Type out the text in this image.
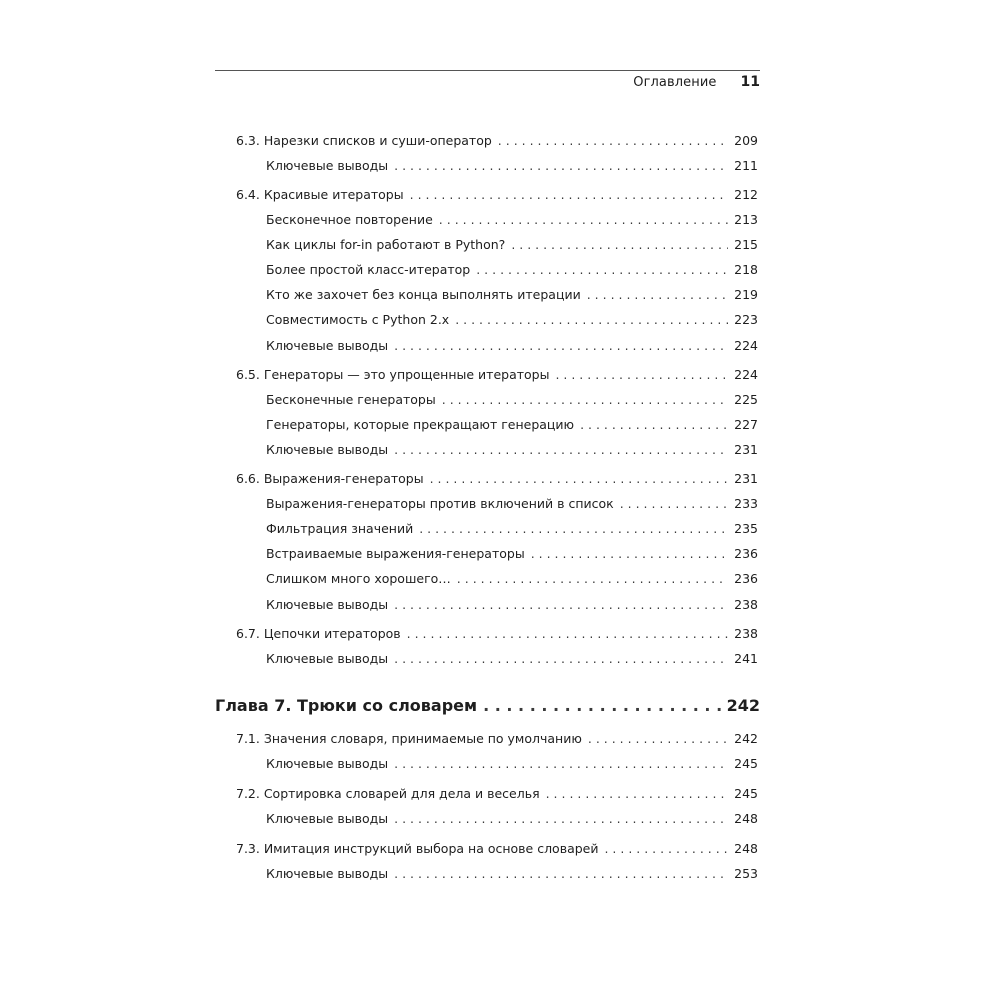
Оглавление 11
6.3. Нарезки списков и суши-оператор . . .	209
Ключевые выводы . . .	211
6.4. Красивые итераторы . . .	212
Бесконечное повторение . . .	213
Как циклы for-in работают в Python? . . .	215
Более простой класс-итератор . . .	218
Кто же захочет без конца выполнять итерации . . .	219
Совместимость с Python 2.x . . .	223
Ключевые выводы . . .	224
6.5. Генераторы — это упрощенные итераторы . . .	224
Бесконечные генераторы . . .	225
Генераторы, которые прекращают генерацию . . .	227
Ключевые выводы . . .	231
6.6. Выражения-генераторы . . .	231
Выражения-генераторы против включений в список . . .	233
Фильтрация значений . . .	235
Встраиваемые выражения-генераторы . . .	236
Слишком много хорошего… . . .	236
Ключевые выводы . . .	238
6.7. Цепочки итераторов . . .	238
Ключевые выводы . . .	241
Глава 7. Трюки со словарем . . .	242
7.1. Значения словаря, принимаемые по умолчанию . . .	242
Ключевые выводы . . .	245
7.2. Сортировка словарей для дела и веселья . . .	245
Ключевые выводы . . .	248
7.3. Имитация инструкций выбора на основе словарей . . .	248
Ключевые выводы . . .	253
